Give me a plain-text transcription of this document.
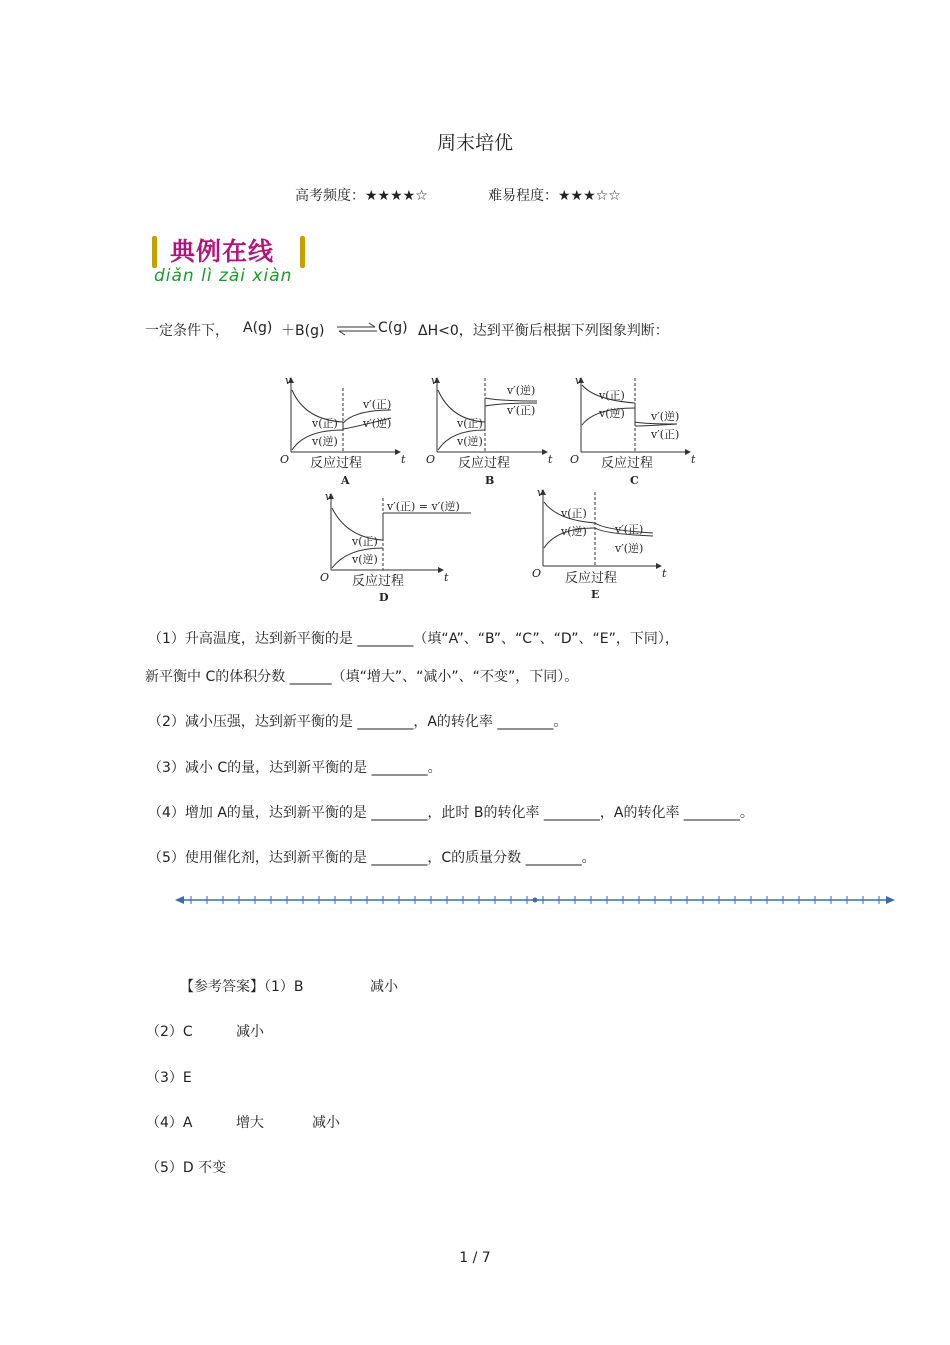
周末培优
高考频度：★★★★☆	难易程度：★★★☆☆
典例在线
diǎn lì zài xiàn
一定条件下， A(g) ＋B(g) ⇌ C(g) ΔH<0，达到平衡后根据下列图象判断：
v
O	t
反应过程
A
v(正)
v(逆)
v′(正)
v′(逆)
v
O	t
反应过程
B
v(正)
v(逆)
v′(逆)
v′(正)
v
O	t
反应过程
C
v(正)
v(逆) v′(逆)
v′(正)
v
O	t
反应过程
D
v′(正) = v′(逆)
v(正)
v(逆)
v
O	t
反应过程
E
v(正)
v(逆)	v′(正)
v′(逆)
（1）升高温度，达到新平衡的是 ________（填“A”、“B”、“C”、“D”、“E”，下同），
新平衡中 C的体积分数 ______（填“增大”、“减小”、“不变”，下同）。
（2）减小压强，达到新平衡的是 ________，A的转化率 ________。
（3）减小 C的量，达到新平衡的是 ________。
（4）增加 A的量，达到新平衡的是 ________，此时 B的转化率 ________，A的转化率 ________。
（5）使用催化剂，达到新平衡的是 ________，C的质量分数 ________。
【参考答案】（1）B	减小
（2）C	减小
（3）E
（4）A	增大	减小
（5）D 不变
1 / 7
